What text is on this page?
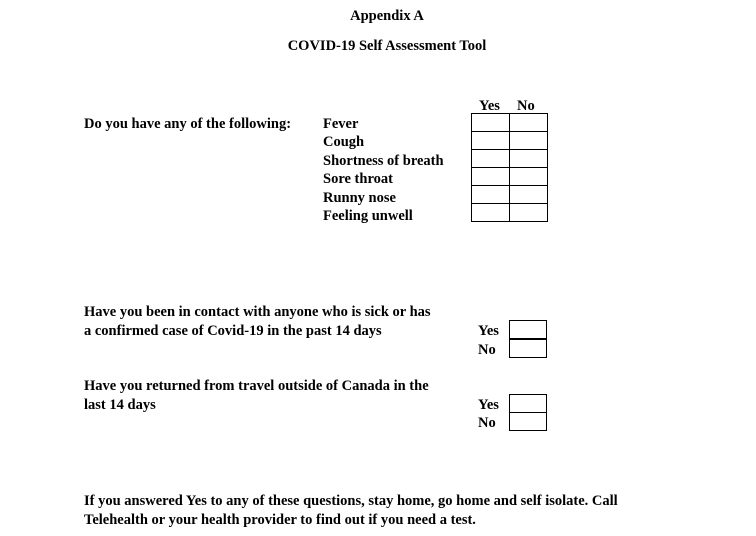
Appendix A
COVID-19 Self Assessment Tool
Yes No
Do you have any of the following: Fever
Cough
Shortness of breath
Sore throat
Runny nose
Feeling unwell

Have you been in contact with anyone who is sick or has
a confirmed case of Covid-19 in the past 14 days	Yes
No
Have you returned from travel outside of Canada in the
last 14 days	Yes
No
If you answered Yes to any of these questions, stay home, go home and self isolate. Call
Telehealth or your health provider to find out if you need a test.
